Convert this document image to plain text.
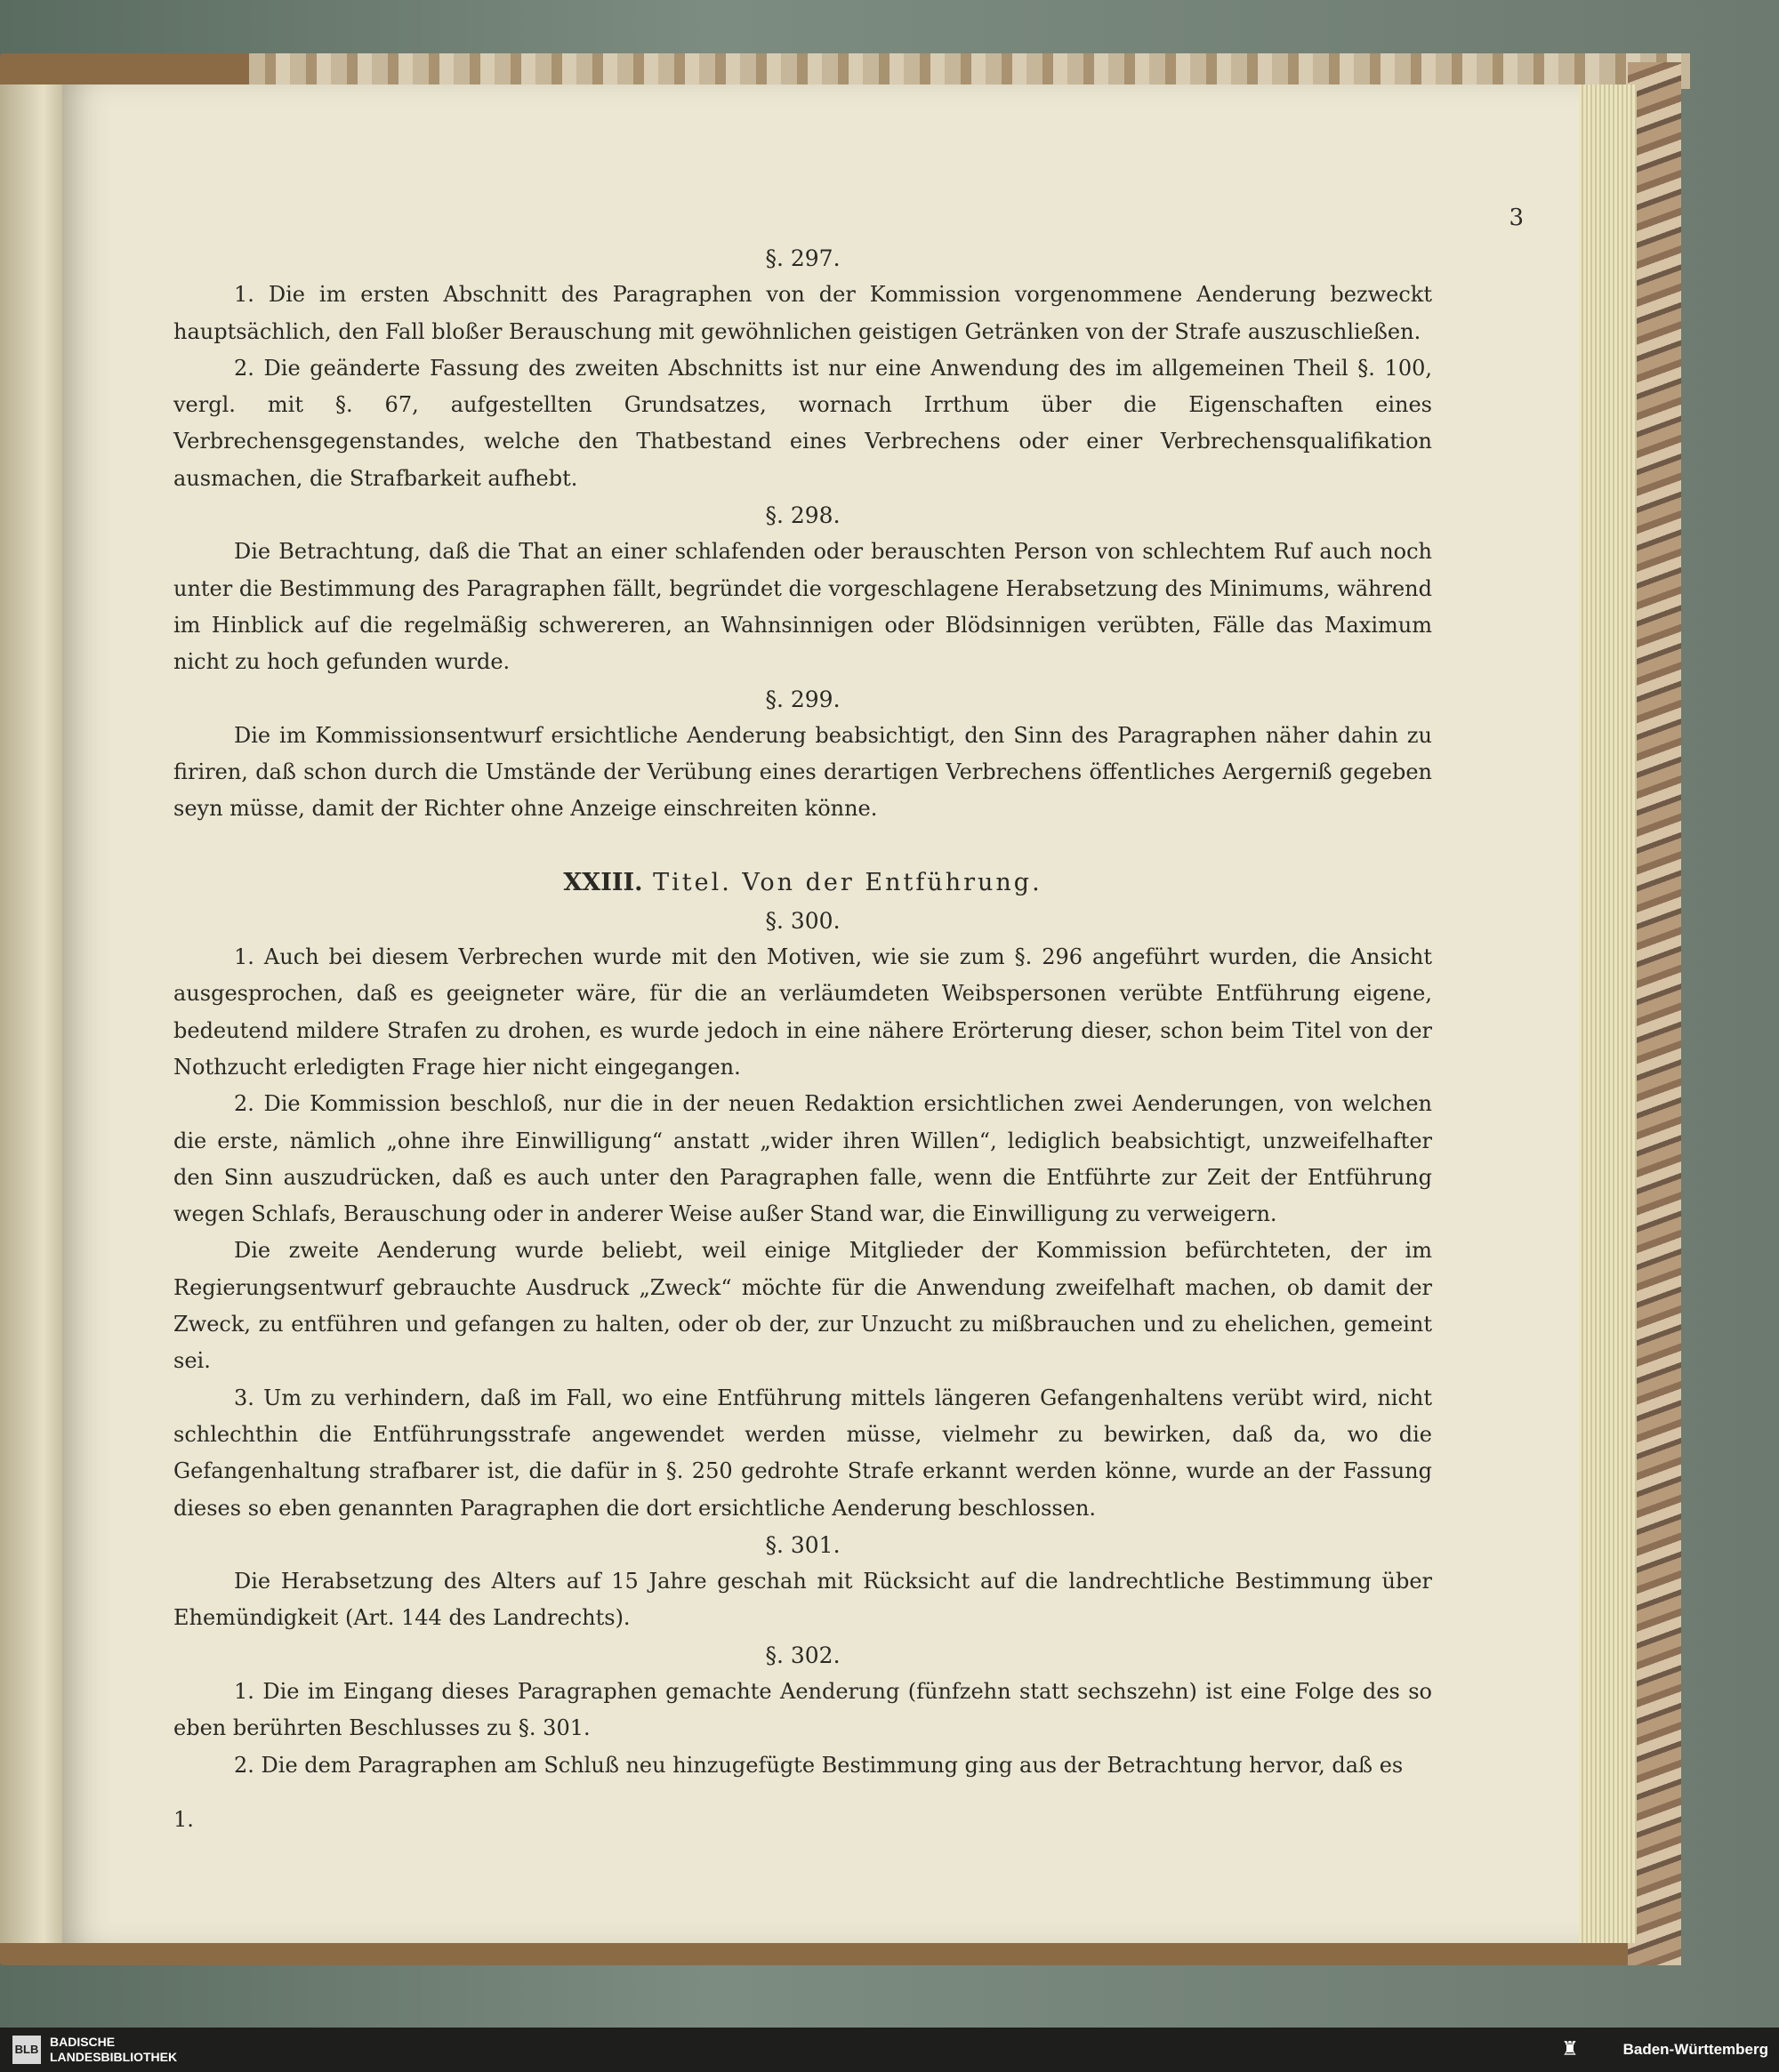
3
§. 297.

1. Die im ersten Abschnitt des Paragraphen von der Kommission vorgenommene Aenderung bezweckt hauptsächlich, den Fall bloßer Berauschung mit gewöhnlichen geistigen Getränken von der Strafe auszuschließen.

2. Die geänderte Fassung des zweiten Abschnitts ist nur eine Anwendung des im allgemeinen Theil §. 100, vergl. mit §. 67, aufgestellten Grundsatzes, wornach Irrthum über die Eigenschaften eines Verbrechensgegenstandes, welche den Thatbestand eines Verbrechens oder einer Verbrechensqualifikation ausmachen, die Strafbarkeit aufhebt.

§. 298.

Die Betrachtung, daß die That an einer schlafenden oder berauschten Person von schlechtem Ruf auch noch unter die Bestimmung des Paragraphen fällt, begründet die vorgeschlagene Herabsetzung des Minimums, während im Hinblick auf die regelmäßig schwereren, an Wahnsinnigen oder Blödsinnigen verübten, Fälle das Maximum nicht zu hoch gefunden wurde.

§. 299.

Die im Kommissionsentwurf ersichtliche Aenderung beabsichtigt, den Sinn des Paragraphen näher dahin zu firiren, daß schon durch die Umstände der Verübung eines derartigen Verbrechens öffentliches Aergerniß gegeben seyn müsse, damit der Richter ohne Anzeige einschreiten könne.

XXIII. Titel. Von der Entführung.
§. 300.

1. Auch bei diesem Verbrechen wurde mit den Motiven, wie sie zum §. 296 angeführt wurden, die Ansicht ausgesprochen, daß es geeigneter wäre, für die an verläumdeten Weibspersonen verübte Entführung eigene, bedeutend mildere Strafen zu drohen, es wurde jedoch in eine nähere Erörterung dieser, schon beim Titel von der Nothzucht erledigten Frage hier nicht eingegangen.

2. Die Kommission beschloß, nur die in der neuen Redaktion ersichtlichen zwei Aenderungen, von welchen die erste, nämlich „ohne ihre Einwilligung“ anstatt „wider ihren Willen“, lediglich beabsichtigt, unzweifelhafter den Sinn auszudrücken, daß es auch unter den Paragraphen falle, wenn die Entführte zur Zeit der Entführung wegen Schlafs, Berauschung oder in anderer Weise außer Stand war, die Einwilligung zu verweigern.

Die zweite Aenderung wurde beliebt, weil einige Mitglieder der Kommission befürchteten, der im Regierungsentwurf gebrauchte Ausdruck „Zweck“ möchte für die Anwendung zweifelhaft machen, ob damit der Zweck, zu entführen und gefangen zu halten, oder ob der, zur Unzucht zu mißbrauchen und zu ehelichen, gemeint sei.

3. Um zu verhindern, daß im Fall, wo eine Entführung mittels längeren Gefangenhaltens verübt wird, nicht schlechthin die Entführungsstrafe angewendet werden müsse, vielmehr zu bewirken, daß da, wo die Gefangenhaltung strafbarer ist, die dafür in §. 250 gedrohte Strafe erkannt werden könne, wurde an der Fassung dieses so eben genannten Paragraphen die dort ersichtliche Aenderung beschlossen.

§. 301.

Die Herabsetzung des Alters auf 15 Jahre geschah mit Rücksicht auf die landrechtliche Bestimmung über Ehemündigkeit (Art. 144 des Landrechts).

§. 302.

1. Die im Eingang dieses Paragraphen gemachte Aenderung (fünfzehn statt sechszehn) ist eine Folge des so eben berührten Beschlusses zu §. 301.

2. Die dem Paragraphen am Schluß neu hinzugefügte Bestimmung ging aus der Betrachtung hervor, daß es

1.

BLB
BADISCHE
LANDESBIBLIOTHEK	♜	Baden-Württemberg
